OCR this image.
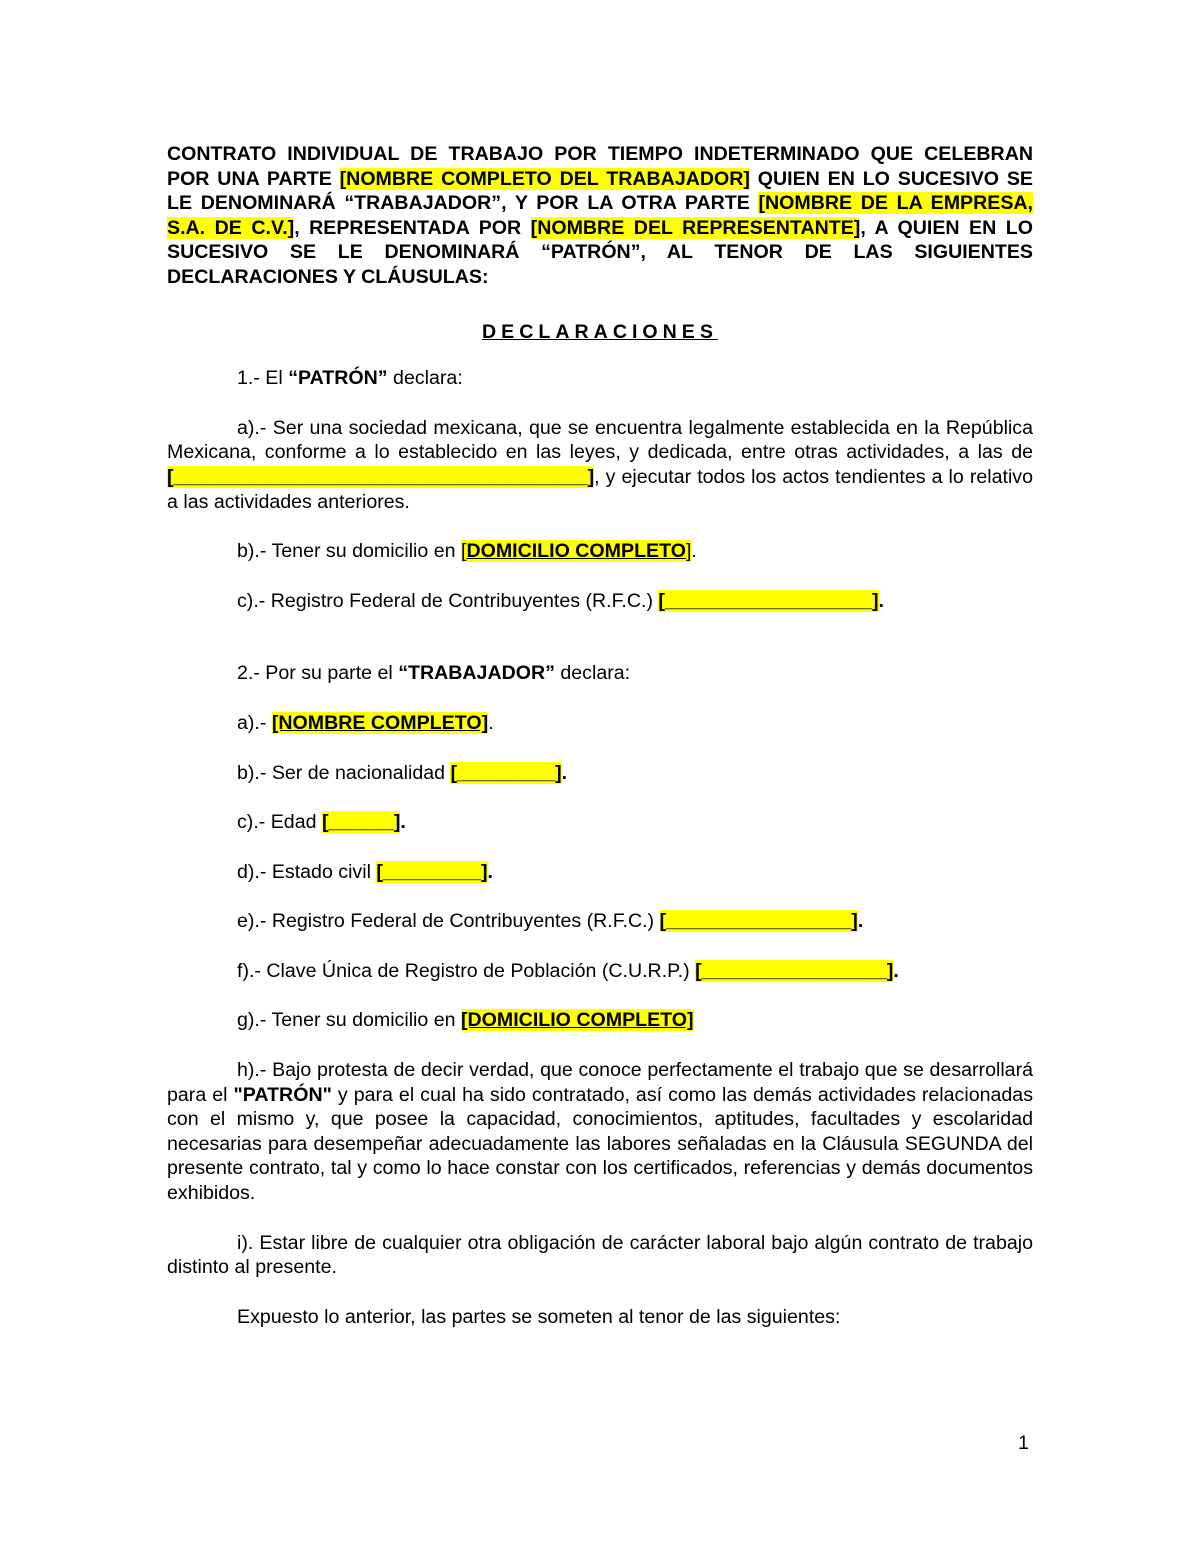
CONTRATO INDIVIDUAL DE TRABAJO POR TIEMPO INDETERMINADO QUE CELEBRAN POR UNA PARTE [NOMBRE COMPLETO DEL TRABAJADOR] QUIEN EN LO SUCESIVO SE LE DENOMINARÁ “TRABAJADOR”, Y POR LA OTRA PARTE [NOMBRE DE LA EMPRESA, S.A. DE C.V.], REPRESENTADA POR [NOMBRE DEL REPRESENTANTE], A QUIEN EN LO SUCESIVO SE LE DENOMINARÁ “PATRÓN”, AL TENOR DE LAS SIGUIENTES DECLARACIONES Y CLÁUSULAS:

DECLARACIONES

1.- El “PATRÓN” declara:

a).- Ser una sociedad mexicana, que se encuentra legalmente establecida en la República Mexicana, conforme a lo establecido en las leyes, y dedicada, entre otras actividades, a las de [______________________________________], y ejecutar todos los actos tendientes a lo relativo a las actividades anteriores.

b).- Tener su domicilio en [DOMICILIO COMPLETO].

c).- Registro Federal de Contribuyentes (R.F.C.) [___________________].

2.- Por su parte el “TRABAJADOR” declara:

a).- [NOMBRE COMPLETO].

b).- Ser de nacionalidad [_________].

c).- Edad [______].

d).- Estado civil [_________].

e).- Registro Federal de Contribuyentes (R.F.C.) [_________________].

f).- Clave Única de Registro de Población (C.U.R.P.) [_________________].

g).- Tener su domicilio en [DOMICILIO COMPLETO]

h).- Bajo protesta de decir verdad, que conoce perfectamente el trabajo que se desarrollará para el "PATRÓN" y para el cual ha sido contratado, así como las demás actividades relacionadas con el mismo y, que posee la capacidad, conocimientos, aptitudes, facultades y escolaridad necesarias para desempeñar adecuadamente las labores señaladas en la Cláusula SEGUNDA del presente contrato, tal y como lo hace constar con los certificados, referencias y demás documentos exhibidos.

i). Estar libre de cualquier otra obligación de carácter laboral bajo algún contrato de trabajo distinto al presente.

Expuesto lo anterior, las partes se someten al tenor de las siguientes:

1
